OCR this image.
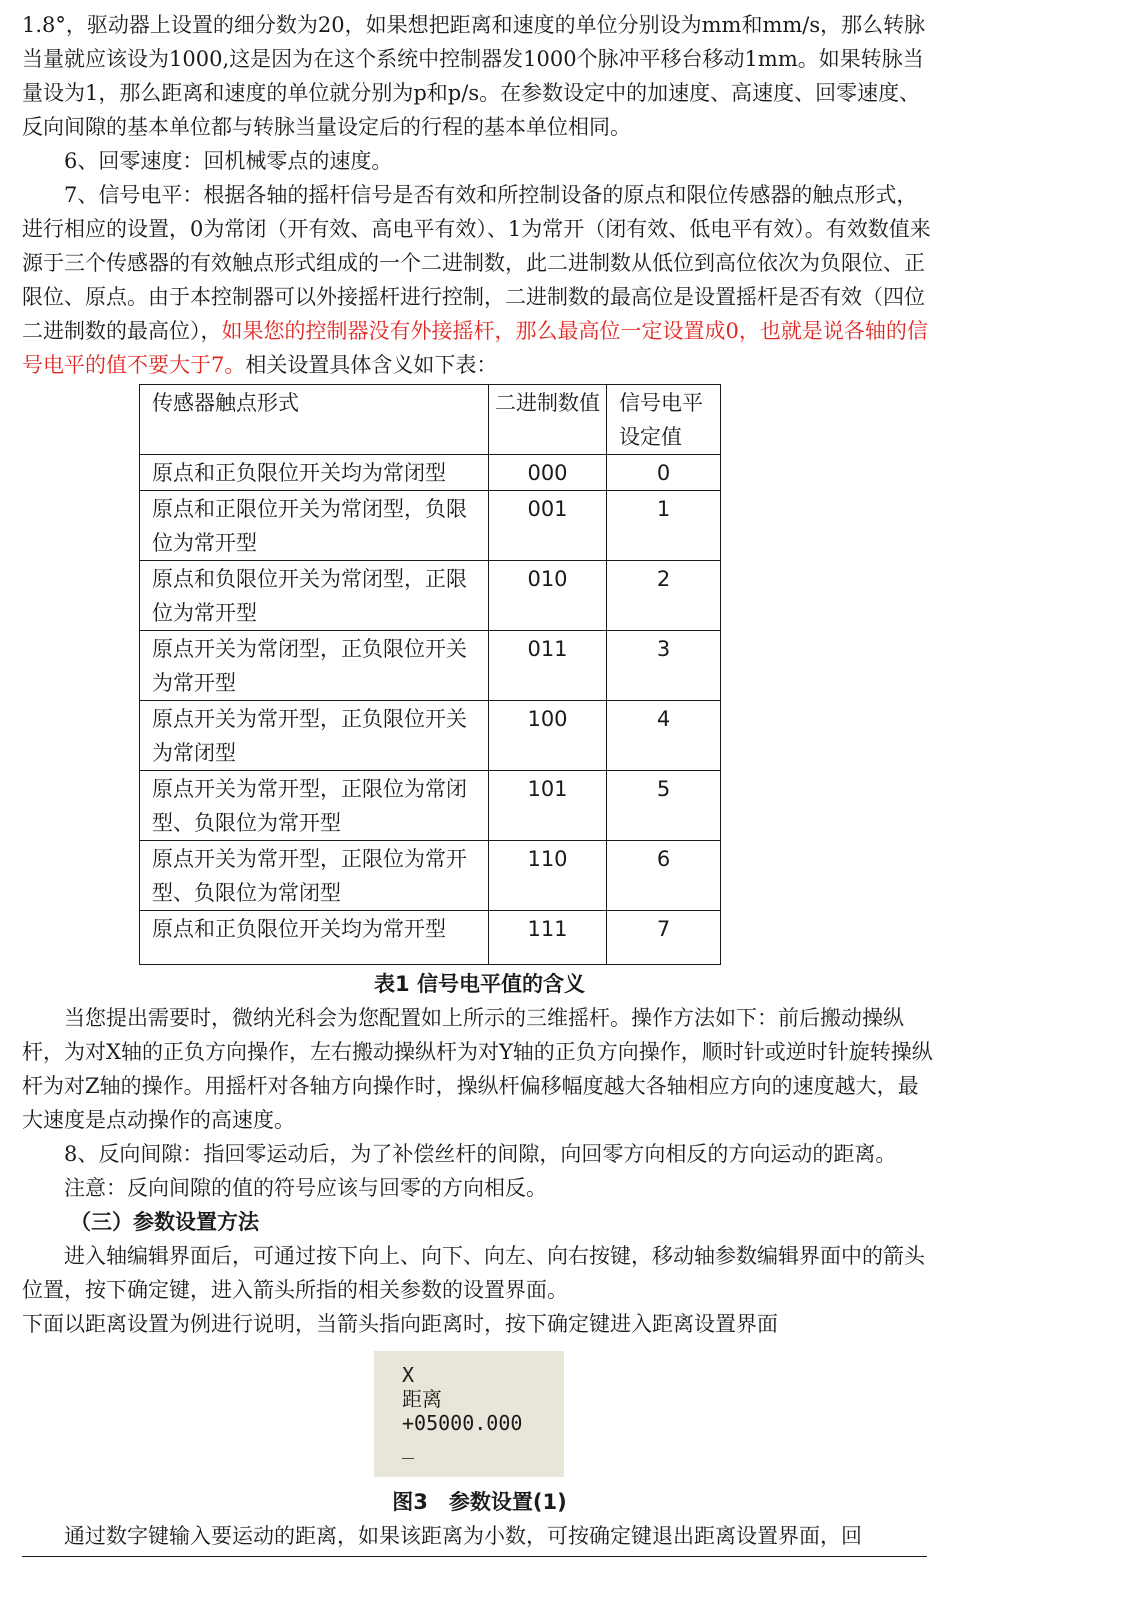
1.8°，驱动器上设置的细分数为20，如果想把距离和速度的单位分别设为mm和mm/s，那么转脉当量就应该设为1000,这是因为在这个系统中控制器发1000个脉冲平移台移动1mm。如果转脉当量设为1，那么距离和速度的单位就分别为p和p/s。在参数设定中的加速度、高速度、回零速度、反向间隙的基本单位都与转脉当量设定后的行程的基本单位相同。

6、回零速度：回机械零点的速度。

7、信号电平：根据各轴的摇杆信号是否有效和所控制设备的原点和限位传感器的触点形式，进行相应的设置，0为常闭（开有效、高电平有效）、1为常开（闭有效、低电平有效）。有效数值来源于三个传感器的有效触点形式组成的一个二进制数，此二进制数从低位到高位依次为负限位、正限位、原点。由于本控制器可以外接摇杆进行控制，二进制数的最高位是设置摇杆是否有效（四位二进制数的最高位），如果您的控制器没有外接摇杆，那么最高位一定设置成0，也就是说各轴的信号电平的值不要大于7。相关设置具体含义如下表：

传感器触点形式	二进制数值	信号电平设定值
原点和正负限位开关均为常闭型	000	0
原点和正限位开关为常闭型，负限位为常开型	001	1
原点和负限位开关为常闭型，正限位为常开型	010	2
原点开关为常闭型，正负限位开关为常开型	011	3
原点开关为常开型，正负限位开关为常闭型	100	4
原点开关为常开型，正限位为常闭型、负限位为常开型	101	5
原点开关为常开型，正限位为常开型、负限位为常闭型	110	6
原点和正负限位开关均为常开型	111	7
表1 信号电平值的含义

当您提出需要时，微纳光科会为您配置如上所示的三维摇杆。操作方法如下：前后搬动操纵杆，为对X轴的正负方向操作，左右搬动操纵杆为对Y轴的正负方向操作，顺时针或逆时针旋转操纵杆为对Z轴的操作。用摇杆对各轴方向操作时，操纵杆偏移幅度越大各轴相应方向的速度越大，最大速度是点动操作的高速度。

8、反向间隙：指回零运动后，为了补偿丝杆的间隙，向回零方向相反的方向运动的距离。

注意：反向间隙的值的符号应该与回零的方向相反。

（三）参数设置方法

进入轴编辑界面后，可通过按下向上、向下、向左、向右按键，移动轴参数编辑界面中的箭头位置，按下确定键，进入箭头所指的相关参数的设置界面。

下面以距离设置为例进行说明，当箭头指向距离时，按下确定键进入距离设置界面

X
距离
+05000.000
_
图3　参数设置(1)

通过数字键输入要运动的距离，如果该距离为小数，可按确定键退出距离设置界面，回
